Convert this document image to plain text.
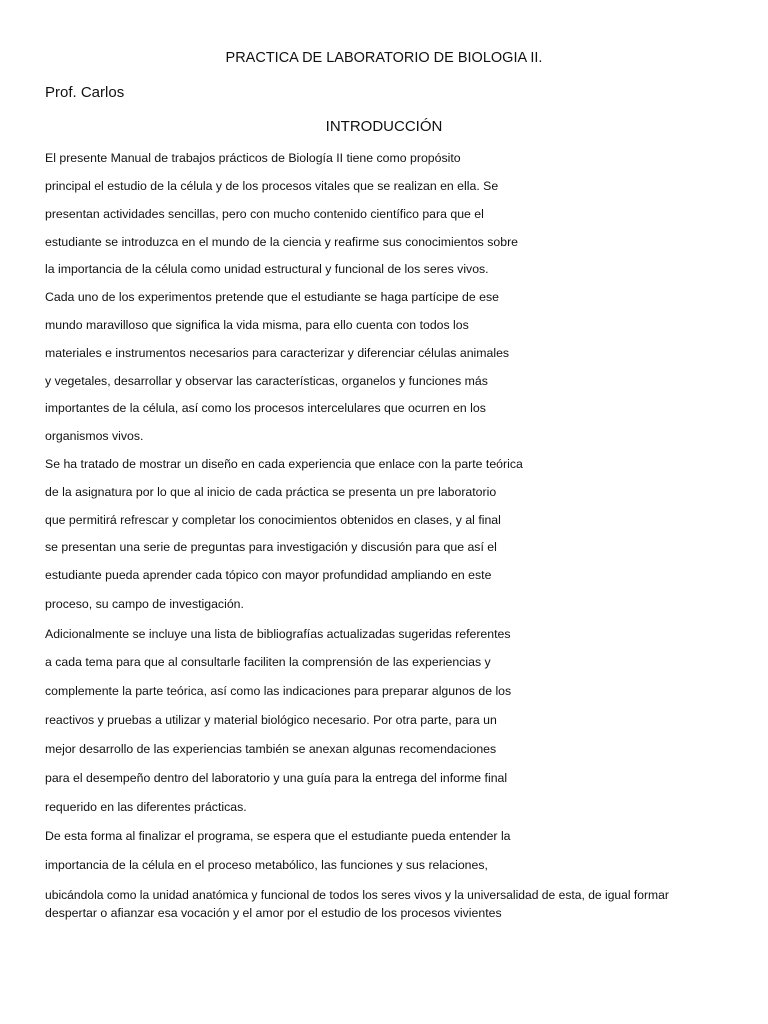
PRACTICA DE LABORATORIO DE BIOLOGIA II.
Prof. Carlos
INTRODUCCIÓN
El presente Manual de trabajos prácticos de Biología II tiene como propósito
principal el estudio de la célula y de los procesos vitales que se realizan en ella. Se
presentan actividades sencillas, pero con mucho contenido científico para que el
estudiante se introduzca en el mundo de la ciencia y reafirme sus conocimientos sobre
la importancia de la célula como unidad estructural y funcional de los seres vivos.
Cada uno de los experimentos pretende que el estudiante se haga partícipe de ese
mundo maravilloso que significa la vida misma, para ello cuenta con todos los
materiales e instrumentos necesarios para caracterizar y diferenciar células animales
y vegetales, desarrollar y observar las características, organelos y funciones más
importantes de la célula, así como los procesos intercelulares que ocurren en los
organismos vivos.
Se ha tratado de mostrar un diseño en cada experiencia que enlace con la parte teórica
de la asignatura por lo que al inicio de cada práctica se presenta un pre laboratorio
que permitirá refrescar y completar los conocimientos obtenidos en clases, y al final
se presentan una serie de preguntas para investigación y discusión para que así el
estudiante pueda aprender cada tópico con mayor profundidad ampliando en este
proceso, su campo de investigación.
Adicionalmente se incluye una lista de bibliografías actualizadas sugeridas referentes
a cada tema para que al consultarle faciliten la comprensión de las experiencias y
complemente la parte teórica, así como las indicaciones para preparar algunos de los
reactivos y pruebas a utilizar y material biológico necesario. Por otra parte, para un
mejor desarrollo de las experiencias también se anexan algunas recomendaciones
para el desempeño dentro del laboratorio y una guía para la entrega del informe final
requerido en las diferentes prácticas.
De esta forma al finalizar el programa, se espera que el estudiante pueda entender la
importancia de la célula en el proceso metabólico, las funciones y sus relaciones,
ubicándola como la unidad anatómica y funcional de todos los seres vivos y la universalidad de esta, de igual formar
despertar o afianzar esa vocación y el amor por el estudio de los procesos vivientes
